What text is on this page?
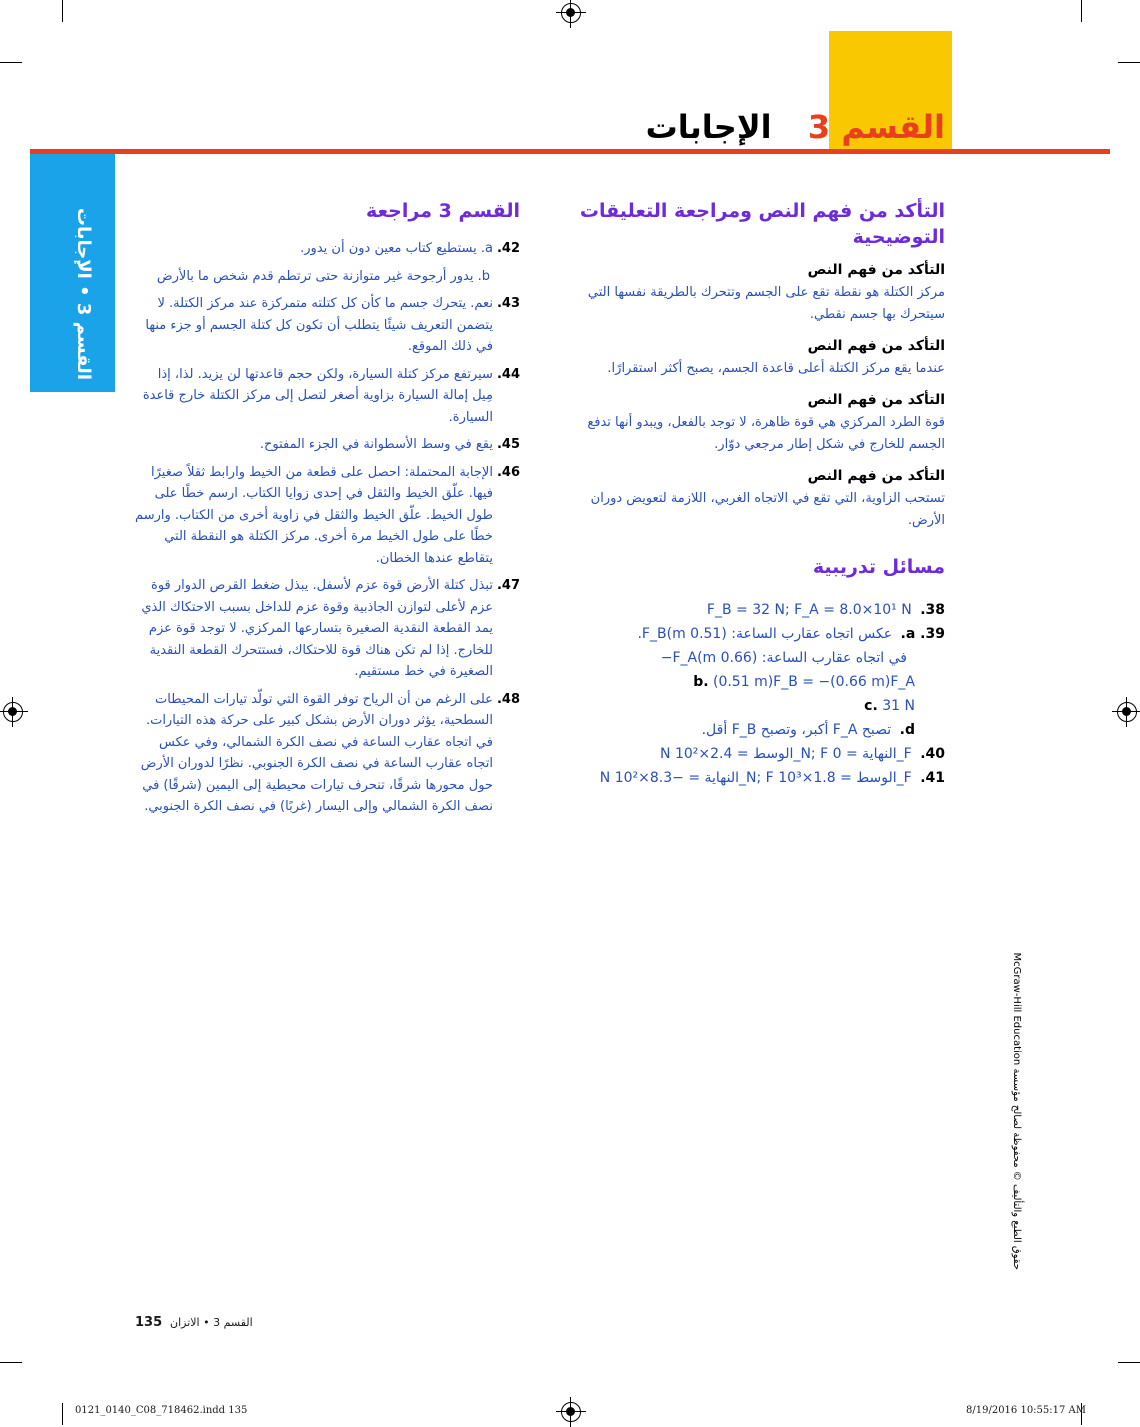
القسم 3  الإجابات
القسم 3 • الإجابات
التأكد من فهم النص ومراجعة التعليقات التوضيحية
التأكد من فهم النص

مركز الكتلة هو نقطة تقع على الجسم وتتحرك بالطريقة نفسها التي سيتحرك بها جسم نقطي.

التأكد من فهم النص

عندما يقع مركز الكتلة أعلى قاعدة الجسم، يصبح أكثر استقرارًا.

التأكد من فهم النص

قوة الطرد المركزي هي قوة ظاهرة، لا توجد بالفعل، ويبدو أنها تدفع الجسم للخارج في شكل إطار مرجعي دوّار.

التأكد من فهم النص

تستحب الزاوية، التي تقع في الاتجاه الغربي، اللازمة لتعويض دوران الأرض.

مسائل تدريبية

38. F_B = 32 N; F_A = 8.0×10¹ N

39. a. عكس اتجاه عقارب الساعة: (0.51 m)F_B.

في اتجاه عقارب الساعة: (0.66 m)F_A−

b. (0.51 m)F_B = −(0.66 m)F_A

c. 31 N

d. تصبح F_A أكبر، وتصبح F_B أقل.

40. F_النهاية = 0 N; F_الوسط = 2.4×10² N

41. F_الوسط = 1.8×10³ N; F_النهاية = −8.3×10² N

القسم 3 مراجعة
42.
a. يستطيع كتاب معين دون أن يدور.
b. يدور أرجوحة غير متوازنة حتى ترتطم قدم شخص ما بالأرض
43.
نعم. يتحرك جسم ما كأن كل كتلته متمركزة عند مركز الكتلة. لا يتضمن التعريف شيئًا يتطلب أن تكون كل كتلة الجسم أو جزء منها في ذلك الموقع.
44.
سيرتفع مركز كتلة السيارة، ولكن حجم قاعدتها لن يزيد. لذا، إذا مِيل إمالة السيارة بزاوية أصغر لتصل إلى مركز الكتلة خارج قاعدة السيارة.
45.
يقع في وسط الأسطوانة في الجزء المفتوح.
46.
الإجابة المحتملة: احصل على قطعة من الخيط وارابط ثقلاً صغيرًا فيها. علّق الخيط والثقل في إحدى زوايا الكتاب. ارسم خطًا على طول الخيط. علّق الخيط والثقل في زاوية أخرى من الكتاب. وارسم خطًا على طول الخيط مرة أخرى. مركز الكتلة هو النقطة التي يتقاطع عندها الخطان.
47.
تبذل كتلة الأرض قوة عزم لأسفل. يبذل ضغط القرص الدوار قوة عزم لأعلى لتوازن الجاذبية وقوة عزم للداخل بسبب الاحتكاك الذي يمد القطعة النقدية الصغيرة بتسارعها المركزي. لا توجد قوة عزم للخارج. إذا لم تكن هناك قوة للاحتكاك، فستتحرك القطعة النقدية الصغيرة في خط مستقيم.
48.
على الرغم من أن الرياح توفر القوة التي تولّد تيارات المحيطات السطحية، يؤثر دوران الأرض بشكل كبير على حركة هذه التيارات. في اتجاه عقارب الساعة في نصف الكرة الشمالي، وفي عكس اتجاه عقارب الساعة في نصف الكرة الجنوبي. نظرًا لدوران الأرض حول محورها شرقًا، تنحرف تيارات محيطية إلى اليمين (شرقًا) في نصف الكرة الشمالي وإلى اليسار (غربًا) في نصف الكرة الجنوبي.
حقوق الطبع والتأليف © محفوظة لصالح مؤسسة McGraw-Hill Education
135 القسم 3 • الاتزان
0121_0140_C08_718462.indd 135	8/19/2016 10:55:17 AM
